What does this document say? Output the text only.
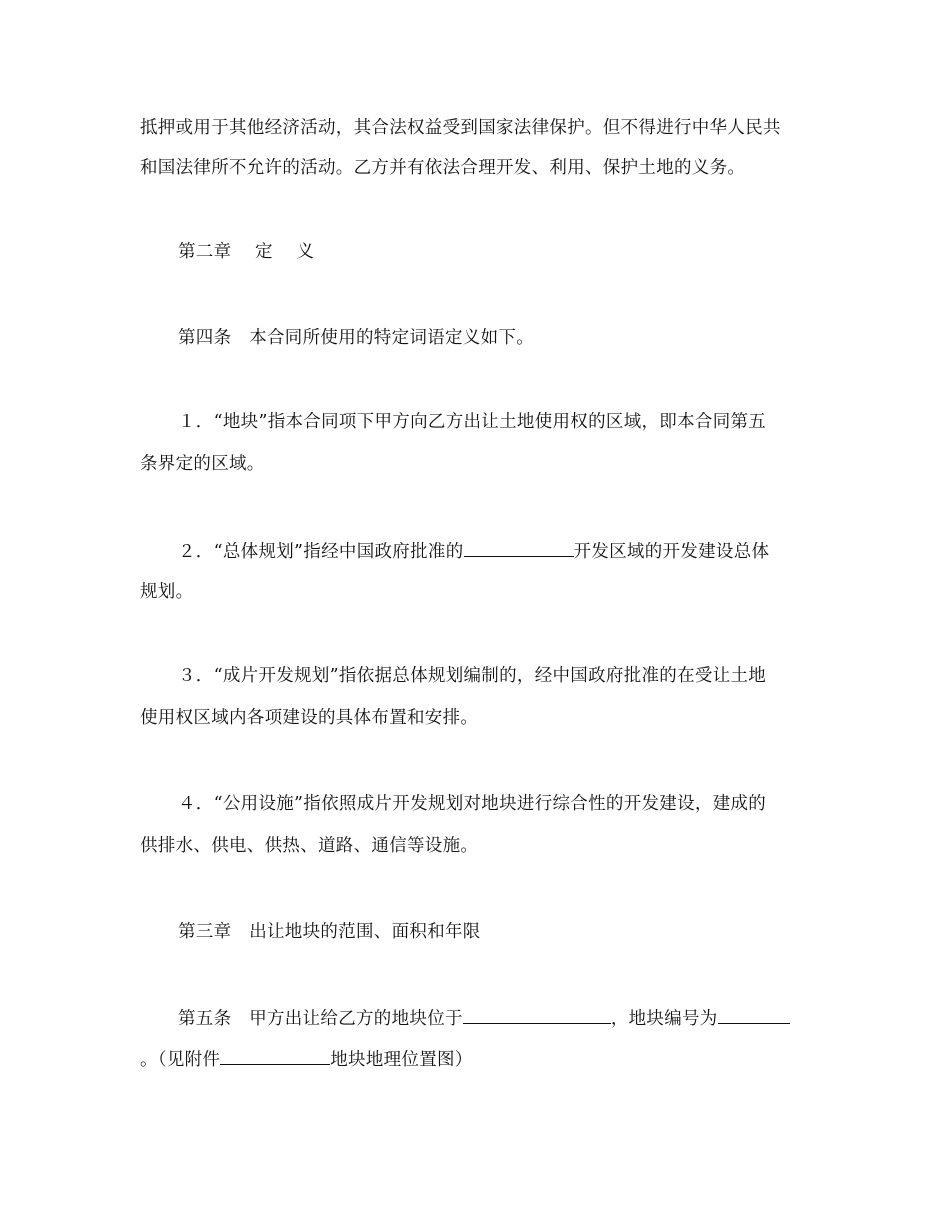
抵押或用于其他经济活动，其合法权益受到国家法律保护。但不得进行中华人民共
和国法律所不允许的活动。乙方并有依法合理开发、利用、保护土地的义务。
第二章　 定　 义
第四条　本合同所使用的特定词语定义如下。
１．“地块”指本合同项下甲方向乙方出让土地使用权的区域，即本合同第五
条界定的区域。
２．“总体规划”指经中国政府批准的	开发区域的开发建设总体
规划。
３．“成片开发规划”指依据总体规划编制的，经中国政府批准的在受让土地
使用权区域内各项建设的具体布置和安排。
４．“公用设施”指依照成片开发规划对地块进行综合性的开发建设，建成的
供排水、供电、供热、道路、通信等设施。
第三章　出让地块的范围、面积和年限
第五条　甲方出让给乙方的地块位于	，地块编号为
。（见附件	地块地理位置图）
